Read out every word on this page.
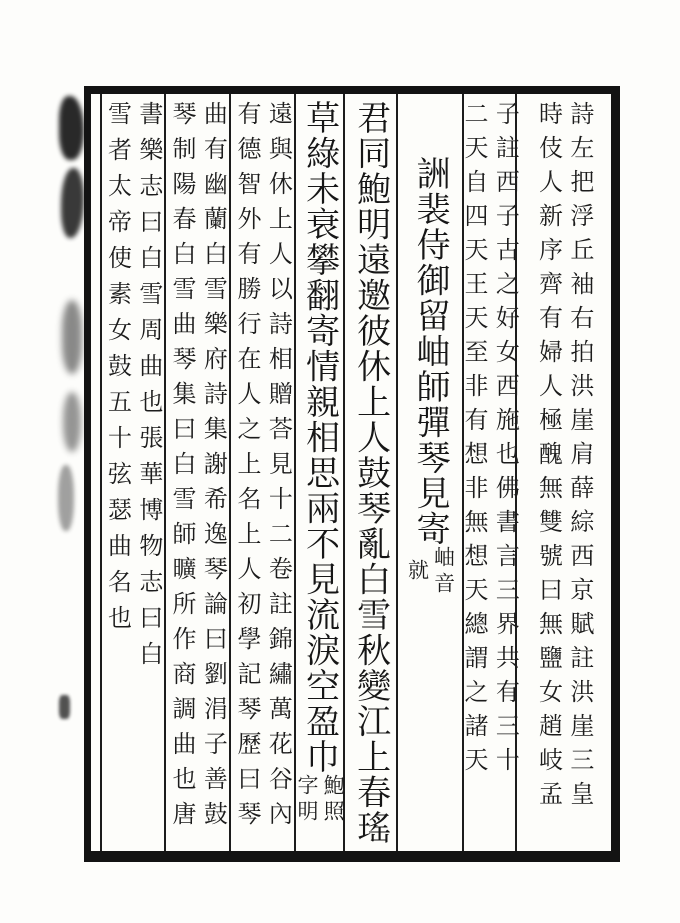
詩左把浮丘袖右拍洪崖肩薛綜西京賦註洪崖三皇
時伎人新序齊有婦人極醜無雙號曰無鹽女趙岐孟
子註西子古之好女西施也佛書言三界共有三十
二天自四天王天至非有想非無想天總謂之諸天
詶裴侍御留岫師彈琴見寄
岫音
就
君同鮑明遠邀彼休上人鼓琴亂白雪秋變江上春瑤
草綠未衰攀翻寄情親相思兩不見流淚空盈巾
鮑照
字明
遠與休上人以詩相贈荅見十二卷註錦繡萬花谷內
有德智外有勝行在人之上名上人初學記琴歷曰琴
曲有幽蘭白雪樂府詩集謝希逸琴論曰劉涓子善鼓
琴制陽春白雪曲琴集曰白雪師曠所作商調曲也唐
書樂志曰白雪周曲也張華博物志曰白
雪者太帝使素女鼓五十弦瑟曲名也
